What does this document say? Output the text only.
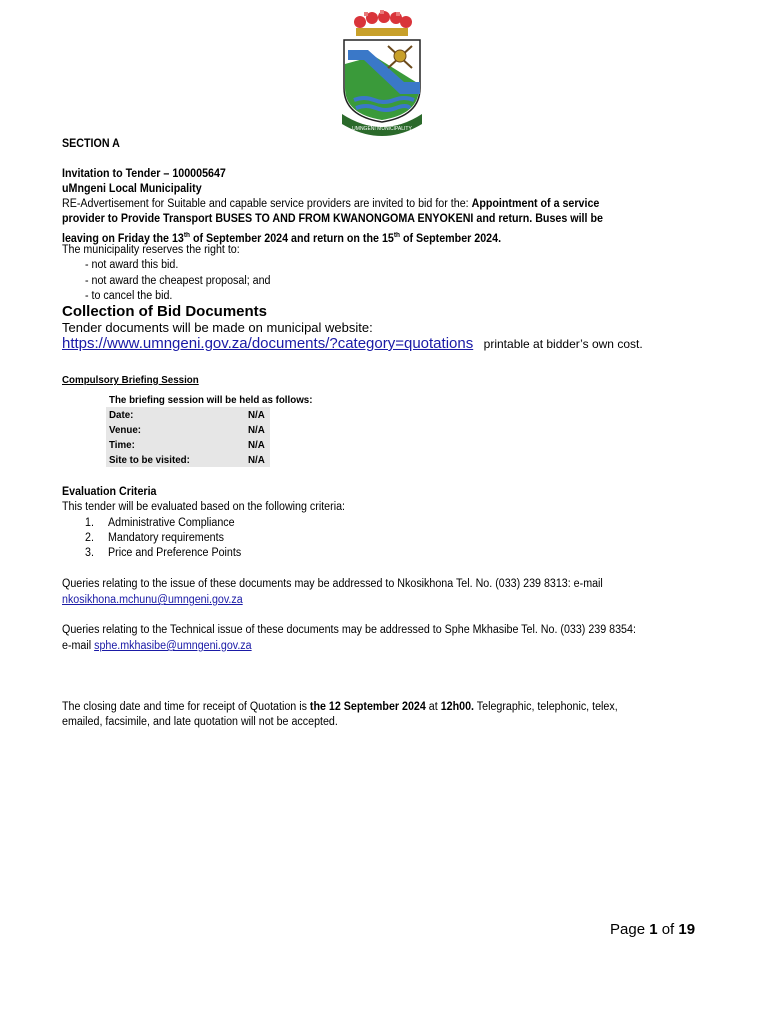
UMNGENI MUNICIPALITY
SECTION A
Invitation to Tender – 100005647
uMngeni Local Municipality
RE-Advertisement for Suitable and capable service providers are invited to bid for the: Appointment of a service
provider to Provide Transport BUSES TO AND FROM KWANONGOMA ENYOKENI and return. Buses will be
leaving on Friday the 13th of September 2024 and return on the 15th of September 2024.
The municipality reserves the right to:
- not award this bid.
- not award the cheapest proposal; and
- to cancel the bid.
Collection of Bid Documents
Tender documents will be made on municipal website:
https://www.umngeni.gov.za/documents/?category=quotations printable at bidder’s own cost.
Compulsory Briefing Session
The briefing session will be held as follows:
Date:	N/A
Venue:	N/A
Time:	N/A
Site to be visited:	N/A
Evaluation Criteria
This tender will be evaluated based on the following criteria:
1. Administrative Compliance
2. Mandatory requirements
3. Price and Preference Points
Queries relating to the issue of these documents may be addressed to Nkosikhona Tel. No. (033) 239 8313: e-mail
nkosikhona.mchunu@umngeni.gov.za
Queries relating to the Technical issue of these documents may be addressed to Sphe Mkhasibe Tel. No. (033) 239 8354:
e-mail sphe.mkhasibe@umngeni.gov.za
The closing date and time for receipt of Quotation is the 12 September 2024 at 12h00. Telegraphic, telephonic, telex,
emailed, facsimile, and late quotation will not be accepted.
Page 1 of 19
